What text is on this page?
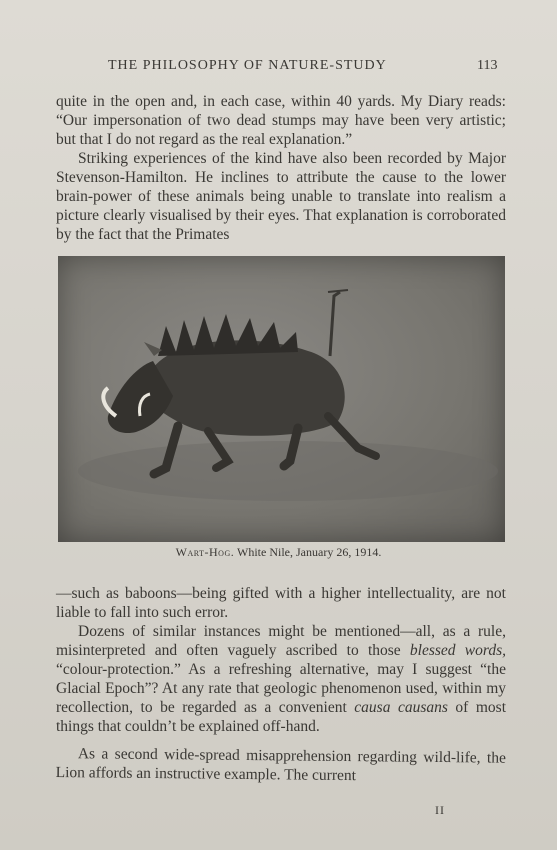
THE PHILOSOPHY OF NATURE-STUDY	113

quite in the open and, in each case, within 40 yards. My Diary reads: “Our impersonation of two dead stumps may have been very artistic; but that I do not regard as the real explanation.”

Striking experiences of the kind have also been recorded by Major Stevenson-Hamilton. He inclines to attribute the cause to the lower brain-power of these animals being unable to translate into realism a picture clearly visualised by their eyes. That explanation is corroborated by the fact that the Primates

Wart-Hog. White Nile, January 26, 1914.

—such as baboons—being gifted with a higher intellectuality, are not liable to fall into such error.

Dozens of similar instances might be mentioned—all, as a rule, misinterpreted and often vaguely ascribed to those blessed words, “colour-protection.” As a refreshing alternative, may I suggest “the Glacial Epoch”? At any rate that geologic phenomenon used, within my recollection, to be regarded as a convenient causa causans of most things that couldn’t be explained off-hand.

As a second wide-spread misapprehension regarding wild-life, the Lion affords an instructive example. The current

II
